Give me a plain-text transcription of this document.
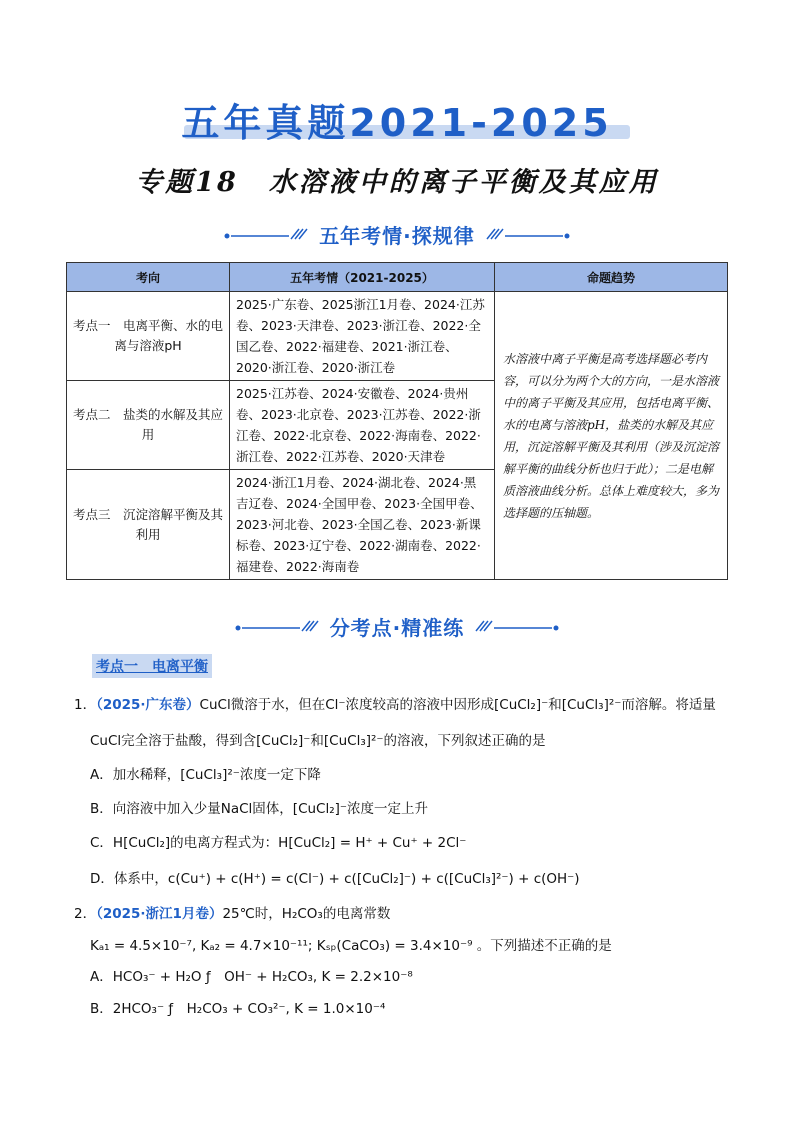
五年真题2021-2025
专题18　水溶液中的离子平衡及其应用
五年考情·探规律
考向	五年考情（2021-2025）	命题趋势
考点一　电离平衡、水的电离与溶液pH	2025·广东卷、2025浙江1月卷、2024·江苏卷、2023·天津卷、2023·浙江卷、2022·全国乙卷、2022·福建卷、2021·浙江卷、2020·浙江卷、2020·浙江卷	水溶液中离子平衡是高考选择题必考内容，可以分为两个大的方向，一是水溶液中的离子平衡及其应用，包括电离平衡、水的电离与溶液pH，盐类的水解及其应用，沉淀溶解平衡及其利用（涉及沉淀溶解平衡的曲线分析也归于此）；二是电解质溶液曲线分析。总体上难度较大，多为选择题的压轴题。
考点二　盐类的水解及其应用	2025·江苏卷、2024·安徽卷、2024·贵州卷、2023·北京卷、2023·江苏卷、2022·浙江卷、2022·北京卷、2022·海南卷、2022·浙江卷、2022·江苏卷、2020·天津卷	
考点三　沉淀溶解平衡及其利用	2024·浙江1月卷、2024·湖北卷、2024·黑吉辽卷、2024·全国甲卷、2023·全国甲卷、2023·河北卷、2023·全国乙卷、2023·新课标卷、2023·辽宁卷、2022·湖南卷、2022·福建卷、2022·海南卷	
分考点·精准练
考点一　电离平衡
1．（2025·广东卷）CuCl微溶于水，但在Cl⁻浓度较高的溶液中因形成[CuCl₂]⁻和[CuCl₃]²⁻而溶解。将适量
CuCl完全溶于盐酸，得到含[CuCl₂]⁻和[CuCl₃]²⁻的溶液，下列叙述正确的是
A．加水稀释，[CuCl₃]²⁻浓度一定下降
B．向溶液中加入少量NaCl固体，[CuCl₂]⁻浓度一定上升
C．H[CuCl₂]的电离方程式为：H[CuCl₂] = H⁺ + Cu⁺ + 2Cl⁻
D．体系中，c(Cu⁺) + c(H⁺) = c(Cl⁻) + c([CuCl₂]⁻) + c([CuCl₃]²⁻) + c(OH⁻)
2．（2025·浙江1月卷）25℃时，H₂CO₃的电离常数
Kₐ₁ = 4.5×10⁻⁷, Kₐ₂ = 4.7×10⁻¹¹; Kₛₚ(CaCO₃) = 3.4×10⁻⁹ 。下列描述不正确的是
A．HCO₃⁻ + H₂O ƒ　OH⁻ + H₂CO₃, K = 2.2×10⁻⁸
B．2HCO₃⁻ ƒ　H₂CO₃ + CO₃²⁻, K = 1.0×10⁻⁴
